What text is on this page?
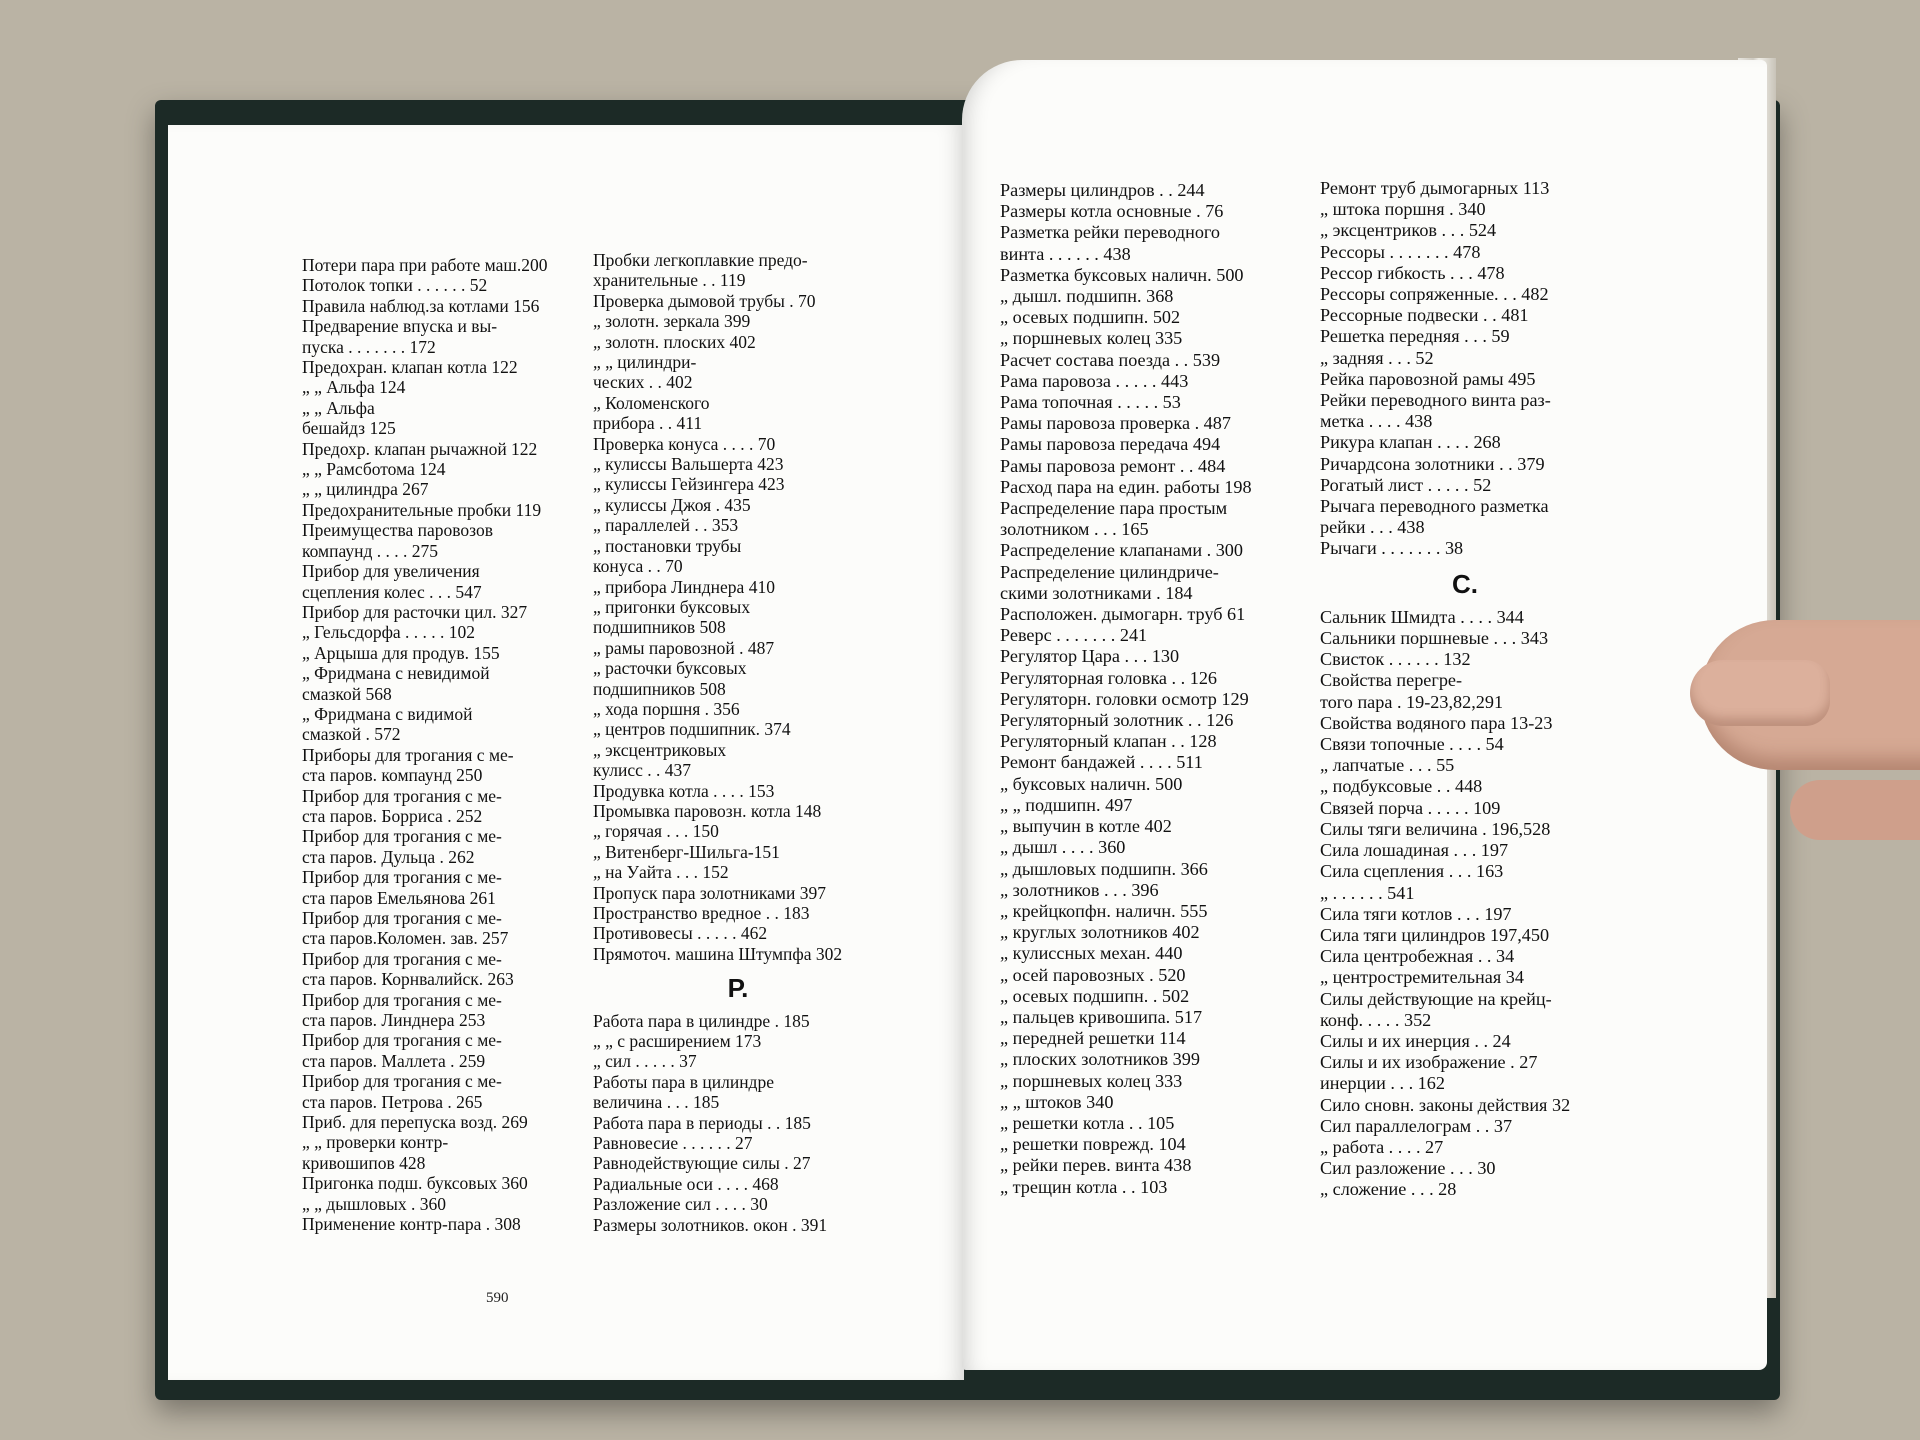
Потери пара при работе маш.200
Потолок топки . . . . . . 52
Правила наблюд.за котлами 156
Предварение впуска и вы-
пуска . . . . . . . 172
Предохран. клапан котла 122
„ „ Альфа 124
„ „ Альфа
бешайдз 125
Предохр. клапан рычажной 122
„ „ Рамсботома 124
„ „ цилиндра 267
Предохранительные пробки 119
Преимущества паровозов
компаунд . . . . 275
Прибор для увеличения
сцепления колес . . . 547
Прибор для расточки цил. 327
„ Гельсдорфа . . . . . 102
„ Арцыша для продув. 155
„ Фридмана с невидимой
смазкой 568
„ Фридмана с видимой
смазкой . 572
Приборы для трогания с ме-
ста паров. компаунд 250
Прибор для трогания с ме-
ста паров. Борриса . 252
Прибор для трогания с ме-
ста паров. Дульца . 262
Прибор для трогания с ме-
ста паров Емельянова 261
Прибор для трогания с ме-
ста паров.Коломен. зав. 257
Прибор для трогания с ме-
ста паров. Корнвалийск. 263
Прибор для трогания с ме-
ста паров. Линднера 253
Прибор для трогания с ме-
ста паров. Маллета . 259
Прибор для трогания с ме-
ста паров. Петрова . 265
Приб. для перепуска возд. 269
„ „ проверки контр-
кривошипов 428
Пригонка подш. буксовых 360
„ „ дышловых . 360
Применение контр-пара . 308
Пробки легкоплавкие предо-
хранительные . . 119
Проверка дымовой трубы . 70
„ золотн. зеркала 399
„ золотн. плоских 402
„ „ цилиндри-
ческих . . 402
„ Коломенского
прибора . . 411
Проверка конуса . . . . 70
„ кулиссы Вальшерта 423
„ кулиссы Гейзингера 423
„ кулиссы Джоя . 435
„ параллелей . . 353
„ постановки трубы
конуса . . 70
„ прибора Линднера 410
„ пригонки буксовых
подшипников 508
„ рамы паровозной . 487
„ расточки буксовых
подшипников 508
„ хода поршня . 356
„ центров подшипник. 374
„ эксцентриковых
кулисс . . 437
Продувка котла . . . . 153
Промывка паровозн. котла 148
„ горячая . . . 150
„ Витенберг-Шильга-151
„ на Уайта . . . 152
Пропуск пара золотниками 397
Пространство вредное . . 183
Противовесы . . . . . 462
Прямоточ. машина Штумпфа 302
Р.
Работа пара в цилиндре . 185
„ „ с расширением 173
„ сил . . . . . 37
Работы пара в цилиндре
величина . . . 185
Работа пара в периоды . . 185
Равновесие . . . . . . 27
Равнодействующие силы . 27
Радиальные оси . . . . 468
Разложение сил . . . . 30
Размеры золотников. окон . 391
590
Размеры цилиндров . . 244
Размеры котла основные . 76
Разметка рейки переводного
винта . . . . . . 438
Разметка буксовых наличн. 500
„ дышл. подшипн. 368
„ осевых подшипн. 502
„ поршневых колец 335
Расчет состава поезда . . 539
Рама паровоза . . . . . 443
Рама топочная . . . . . 53
Рамы паровоза проверка . 487
Рамы паровоза передача 494
Рамы паровоза ремонт . . 484
Расход пара на един. работы 198
Распределение пара простым
золотником . . . 165
Распределение клапанами . 300
Распределение цилиндриче-
скими золотниками . 184
Расположен. дымогарн. труб 61
Реверс . . . . . . . 241
Регулятор Цара . . . 130
Регуляторная головка . . 126
Регуляторн. головки осмотр 129
Регуляторный золотник . . 126
Регуляторный клапан . . 128
Ремонт бандажей . . . . 511
„ буксовых наличн. 500
„ „ подшипн. 497
„ выпучин в котле 402
„ дышл . . . . 360
„ дышловых подшипн. 366
„ золотников . . . 396
„ крейцкопфн. наличн. 555
„ круглых золотников 402
„ кулиссных механ. 440
„ осей паровозных . 520
„ осевых подшипн. . 502
„ пальцев кривошипа. 517
„ передней решетки 114
„ плоских золотников 399
„ поршневых колец 333
„ „ штоков 340
„ решетки котла . . 105
„ решетки поврежд. 104
„ рейки перев. винта 438
„ трещин котла . . 103
Ремонт труб дымогарных 113
„ штока поршня . 340
„ эксцентриков . . . 524
Рессоры . . . . . . . 478
Рессор гибкость . . . 478
Рессоры сопряженные. . . 482
Рессорные подвески . . 481
Решетка передняя . . . 59
„ задняя . . . 52
Рейка паровозной рамы 495
Рейки переводного винта раз-
метка . . . . 438
Рикура клапан . . . . 268
Ричардсона золотники . . 379
Рогатый лист . . . . . 52
Рычага переводного разметка
рейки . . . 438
Рычаги . . . . . . . 38
С.
Сальник Шмидта . . . . 344
Сальники поршневые . . . 343
Свисток . . . . . . 132
Свойства перегре-
того пара . 19-23,82,291
Свойства водяного пара 13-23
Связи топочные . . . . 54
„ лапчатые . . . 55
„ подбуксовые . . 448
Связей порча . . . . . 109
Силы тяги величина . 196,528
Сила лошадиная . . . 197
Сила сцепления . . . 163
„ . . . . . . 541
Сила тяги котлов . . . 197
Сила тяги цилиндров 197,450
Сила центробежная . . 34
„ центростремительная 34
Силы действующие на крейц-
конф. . . . . 352
Силы и их инерция . . 24
Силы и их изображение . 27
инерции . . . 162
Сило сновн. законы действия 32
Сил параллелограм . . 37
„ работа . . . . 27
Сил разложение . . . 30
„ сложение . . . 28
